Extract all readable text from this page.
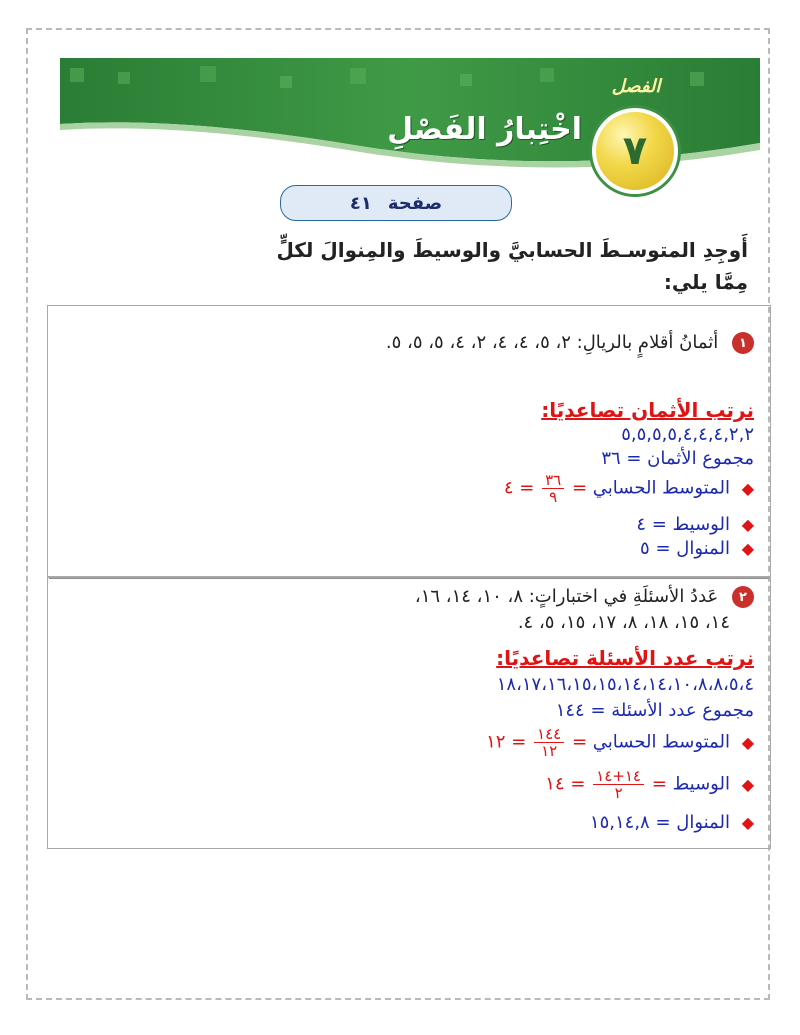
الفصل
٧
اخْتِبارُ الفَصْلِ
صفحة
٤١
أَوجِدِ المتوسـطَ الحسابيَّ والوسيطَ والمِنوالَ لكلٍّ مِمَّا يلي:
١ أثمانُ أقلامٍ بالريالِ: ٢، ٥، ٤، ٤، ٢، ٤، ٥، ٥، ٥.
نرتب الأثمان تصاعديًا:
٥,٥,٥,٥,٤,٤,٤,٢,٢
مجموع الأثمان = ٣٦
◆ المتوسط الحسابي =
$\frac{٣٦}{٩}$
= ٤
◆ الوسيط = ٤
◆ المنوال = ٥
٢ عَددُ الأسئلَةِ في اختباراتٍ: ٨، ١٠، ١٤، ١٦،
١٤، ١٥، ١٨، ٨، ١٧، ١٥، ٥، ٤.
نرتب عدد الأسئلة تصاعديًا:
١٨،١٧،١٦،١٥،١٥،١٤،١٤،١٠،٨،٨،٥،٤
مجموع عدد الأسئلة = ١٤٤
◆ المتوسط الحسابي =
$\frac{١٤٤}{١٢}$
= ١٢
◆ الوسيط =
$\frac{١٤+١٤}{٢}$
= ١٤
◆ المنوال = ١٥,١٤,٨
